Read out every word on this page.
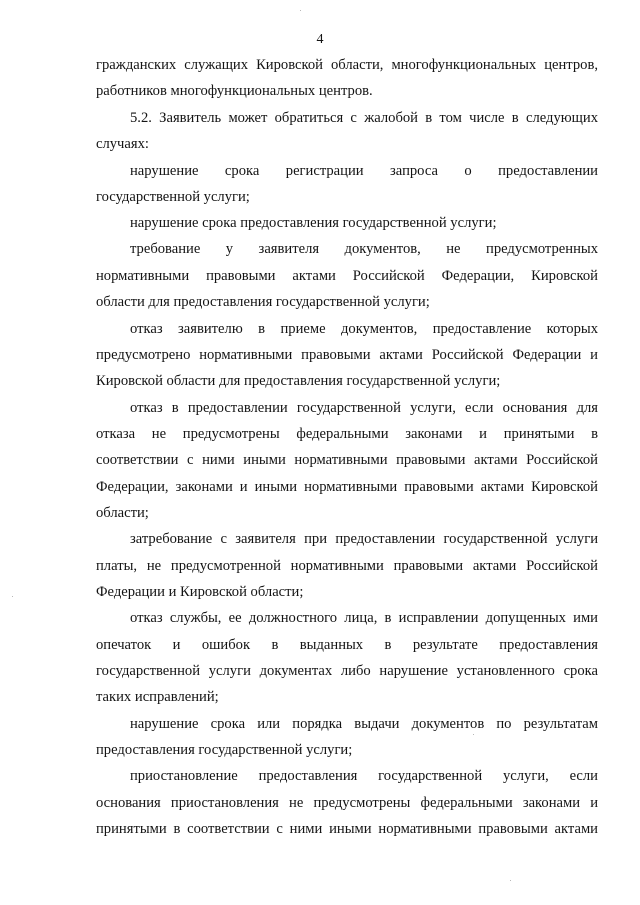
4
гражданских служащих Кировской области, многофункциональных центров,
работников многофункциональных центров.
5.2. Заявитель может обратиться с жалобой в том числе в следующих
случаях:
нарушение срока регистрации запроса о предоставлении
государственной услуги;
нарушение срока предоставления государственной услуги;
требование у заявителя документов, не предусмотренных
нормативными правовыми актами Российской Федерации, Кировской
области для предоставления государственной услуги;
отказ заявителю в приеме документов, предоставление которых
предусмотрено нормативными правовыми актами Российской Федерации и
Кировской области для предоставления государственной услуги;
отказ в предоставлении государственной услуги, если основания для
отказа не предусмотрены федеральными законами и принятыми в
соответствии с ними иными нормативными правовыми актами Российской
Федерации, законами и иными нормативными правовыми актами Кировской
области;
затребование с заявителя при предоставлении государственной услуги
платы, не предусмотренной нормативными правовыми актами Российской
Федерации и Кировской области;
отказ службы, ее должностного лица, в исправлении допущенных ими
опечаток и ошибок в выданных в результате предоставления
государственной услуги документах либо нарушение установленного срока
таких исправлений;
нарушение срока или порядка выдачи документов по результатам
предоставления государственной услуги;
приостановление предоставления государственной услуги, если
основания приостановления не предусмотрены федеральными законами и
принятыми в соответствии с ними иными нормативными правовыми актами
